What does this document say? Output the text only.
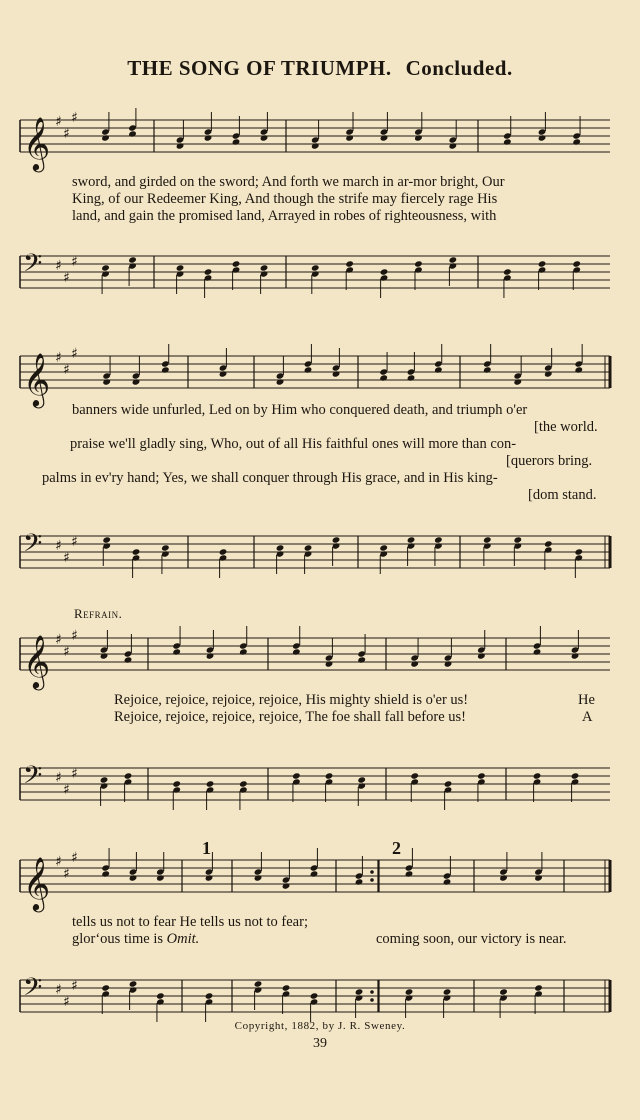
THE SONG OF TRIUMPH. Concluded.
𝄞 ♯
♯
♯
sword, and girded on the sword; And forth we march in ar-mor bright, Our
King, of our Redeemer King, And though the strife may fiercely rage His
land, and gain the promised land, Arrayed in robes of righteousness, with
𝄢 ♯
♯
♯
𝄞 ♯
♯
♯
banners wide unfurled, Led on by Him who conquered death, and triumph o'er
[the world.
praise we'll gladly sing, Who, out of all His faithful ones will more than con-
[querors bring.
palms in ev'ry hand; Yes, we shall conquer through His grace, and in His king-
[dom stand.
𝄢 ♯
♯
♯
Refrain.
𝄞 ♯
♯
♯
Rejoice, rejoice, rejoice, rejoice, His mighty shield is o'er us!	He
Rejoice, rejoice, rejoice, rejoice, The foe shall fall before us!	A
𝄢 ♯
♯
♯
𝄞 ♯
♯
♯	1	2
tells us not to fear He tells us not to fear;
glor‘ous time is Omit.	coming soon, our victory is near.
𝄢 ♯
♯
♯
Copyright, 1882, by J. R. Sweney.
39
